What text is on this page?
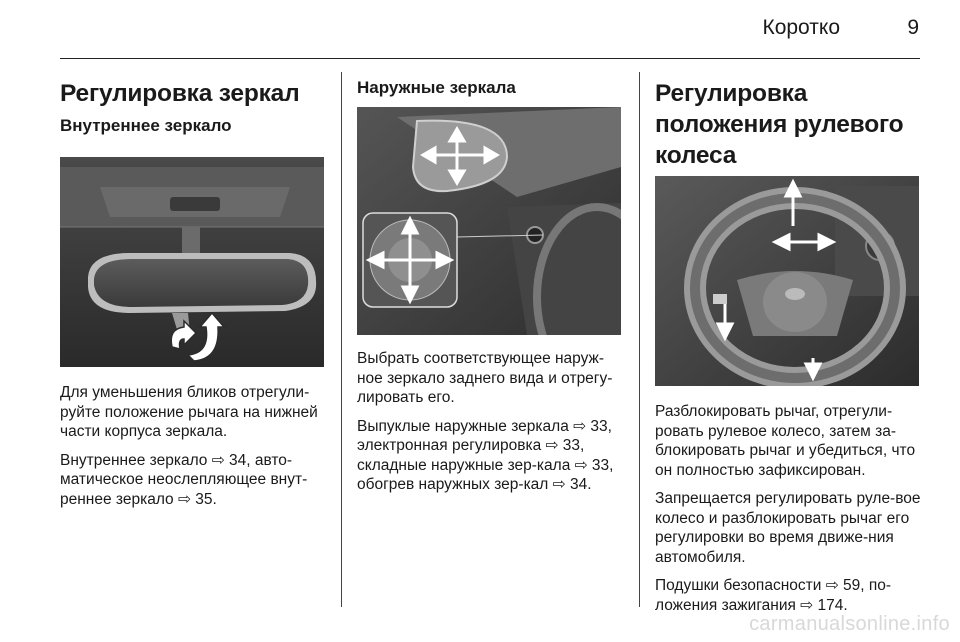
Коротко	9
Регулировка зеркал
Внутреннее зеркало

Для уменьшения бликов отрегули-руйте положение рычага на нижней части корпуса зеркала.

Внутреннее зеркало ⇨ 34, авто-матическое неослепляющее внут-реннее зеркало ⇨ 35.

Наружные зеркала

Выбрать соответствующее наруж-ное зеркало заднего вида и отрегу-лировать его.

Выпуклые наружные зеркала ⇨ 33, электронная регулировка ⇨ 33, складные наружные зер-кала ⇨ 33, обогрев наружных зер-кал ⇨ 34.

Регулировка положения рулевого колеса

Разблокировать рычаг, отрегули-ровать рулевое колесо, затем за-блокировать рычаг и убедиться, что он полностью зафиксирован.

Запрещается регулировать руле-вое колесо и разблокировать рычаг его регулировки во время движе-ния автомобиля.

Подушки безопасности ⇨ 59, по-ложения зажигания ⇨ 174.

carmanualsonline.info
